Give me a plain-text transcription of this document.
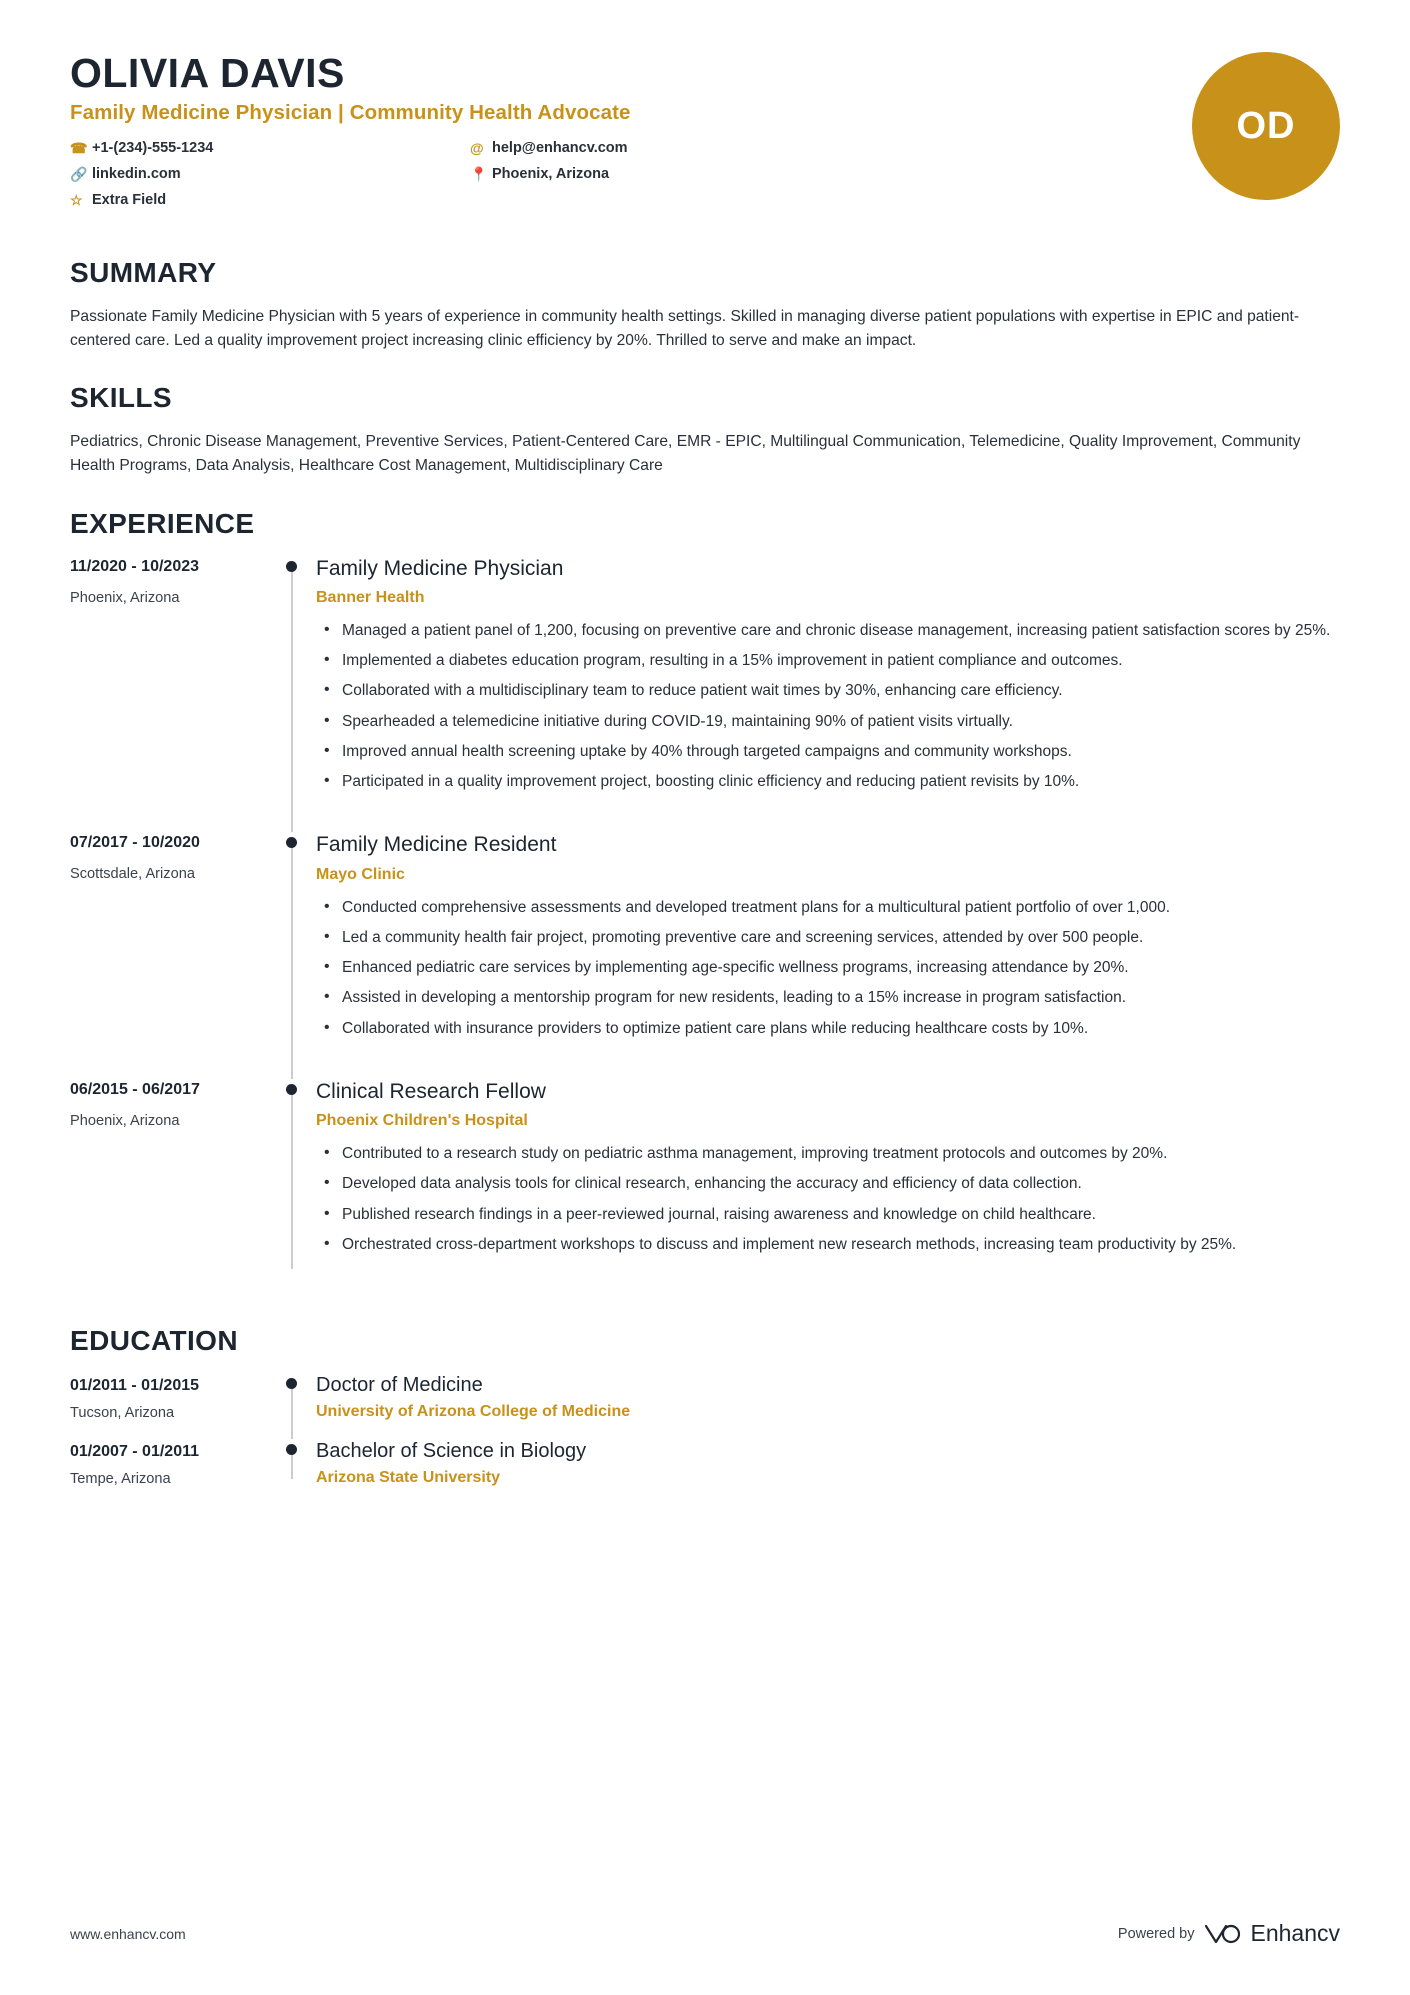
OLIVIA DAVIS
Family Medicine Physician | Community Health Advocate
☎ +1-(234)-555-1234	@ help@enhancv.com
🔗 linkedin.com	📍 Phoenix, Arizona
☆ Extra Field
OD
SUMMARY
Passionate Family Medicine Physician with 5 years of experience in community health settings. Skilled in managing diverse patient populations with expertise in EPIC and patient-centered care. Led a quality improvement project increasing clinic efficiency by 20%. Thrilled to serve and make an impact.
SKILLS
Pediatrics, Chronic Disease Management, Preventive Services, Patient-Centered Care, EMR - EPIC, Multilingual Communication, Telemedicine, Quality Improvement, Community Health Programs, Data Analysis, Healthcare Cost Management, Multidisciplinary Care
EXPERIENCE
11/2020 - 10/2023
Phoenix, Arizona
Family Medicine Physician
Banner Health
• Managed a patient panel of 1,200, focusing on preventive care and chronic disease management, increasing patient satisfaction scores by 25%.
• Implemented a diabetes education program, resulting in a 15% improvement in patient compliance and outcomes.
• Collaborated with a multidisciplinary team to reduce patient wait times by 30%, enhancing care efficiency.
• Spearheaded a telemedicine initiative during COVID-19, maintaining 90% of patient visits virtually.
• Improved annual health screening uptake by 40% through targeted campaigns and community workshops.
• Participated in a quality improvement project, boosting clinic efficiency and reducing patient revisits by 10%.
07/2017 - 10/2020
Scottsdale, Arizona
Family Medicine Resident
Mayo Clinic
• Conducted comprehensive assessments and developed treatment plans for a multicultural patient portfolio of over 1,000.
• Led a community health fair project, promoting preventive care and screening services, attended by over 500 people.
• Enhanced pediatric care services by implementing age-specific wellness programs, increasing attendance by 20%.
• Assisted in developing a mentorship program for new residents, leading to a 15% increase in program satisfaction.
• Collaborated with insurance providers to optimize patient care plans while reducing healthcare costs by 10%.
06/2015 - 06/2017
Phoenix, Arizona
Clinical Research Fellow
Phoenix Children's Hospital
• Contributed to a research study on pediatric asthma management, improving treatment protocols and outcomes by 20%.
• Developed data analysis tools for clinical research, enhancing the accuracy and efficiency of data collection.
• Published research findings in a peer-reviewed journal, raising awareness and knowledge on child healthcare.
• Orchestrated cross-department workshops to discuss and implement new research methods, increasing team productivity by 25%.
EDUCATION
01/2011 - 01/2015
Tucson, Arizona
Doctor of Medicine
University of Arizona College of Medicine
01/2007 - 01/2011
Tempe, Arizona
Bachelor of Science in Biology
Arizona State University
www.enhancv.com	Powered by Enhancv
